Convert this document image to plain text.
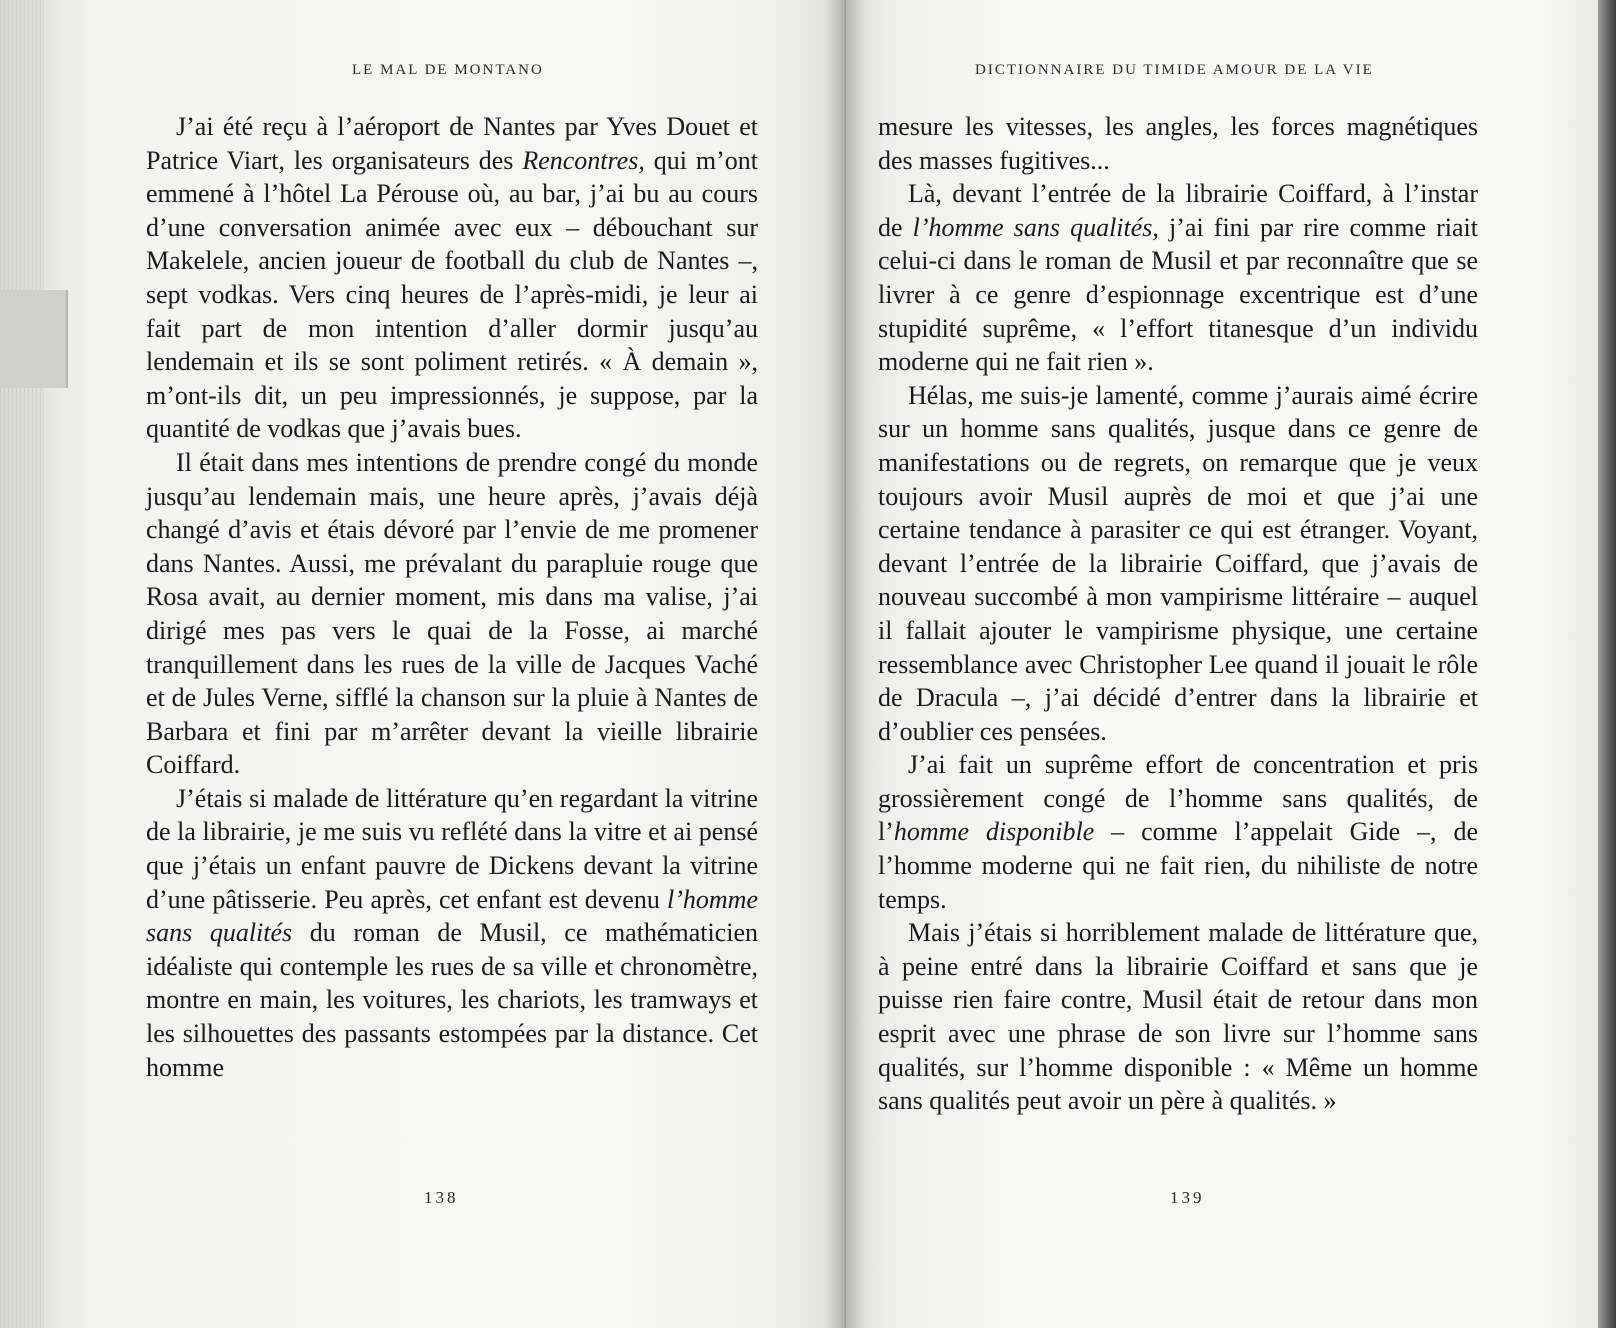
LE MAL DE MONTANO

J’ai été reçu à l’aéroport de Nantes par Yves Douet et Patrice Viart, les organisateurs des Rencontres, qui m’ont emmené à l’hôtel La Pérouse où, au bar, j’ai bu au cours d’une conversation animée avec eux – débouchant sur Makelele, ancien joueur de football du club de Nantes –, sept vodkas. Vers cinq heures de l’après-midi, je leur ai fait part de mon intention d’aller dormir jusqu’au lendemain et ils se sont poliment retirés. « À demain », m’ont-ils dit, un peu impressionnés, je suppose, par la quantité de vodkas que j’avais bues.

Il était dans mes intentions de prendre congé du monde jusqu’au lendemain mais, une heure après, j’avais déjà changé d’avis et étais dévoré par l’envie de me promener dans Nantes. Aussi, me prévalant du parapluie rouge que Rosa avait, au dernier moment, mis dans ma valise, j’ai dirigé mes pas vers le quai de la Fosse, ai marché tranquillement dans les rues de la ville de Jacques Vaché et de Jules Verne, sifflé la chanson sur la pluie à Nantes de Barbara et fini par m’arrêter devant la vieille librairie Coiffard.

J’étais si malade de littérature qu’en regardant la vitrine de la librairie, je me suis vu reflété dans la vitre et ai pensé que j’étais un enfant pauvre de Dickens devant la vitrine d’une pâtisserie. Peu après, cet enfant est devenu l’homme sans qualités du roman de Musil, ce mathématicien idéaliste qui contemple les rues de sa ville et chronomètre, montre en main, les voitures, les chariots, les tramways et les silhouettes des passants estompées par la distance. Cet homme

138
DICTIONNAIRE DU TIMIDE AMOUR DE LA VIE

mesure les vitesses, les angles, les forces magnétiques des masses fugitives...

Là, devant l’entrée de la librairie Coiffard, à l’instar de l’homme sans qualités, j’ai fini par rire comme riait celui-ci dans le roman de Musil et par reconnaître que se livrer à ce genre d’espionnage excentrique est d’une stupidité suprême, « l’effort titanesque d’un individu moderne qui ne fait rien ».

Hélas, me suis-je lamenté, comme j’aurais aimé écrire sur un homme sans qualités, jusque dans ce genre de manifestations ou de regrets, on remarque que je veux toujours avoir Musil auprès de moi et que j’ai une certaine tendance à parasiter ce qui est étranger. Voyant, devant l’entrée de la librairie Coiffard, que j’avais de nouveau succombé à mon vampirisme littéraire – auquel il fallait ajouter le vampirisme physique, une certaine ressemblance avec Christopher Lee quand il jouait le rôle de Dracula –, j’ai décidé d’entrer dans la librairie et d’oublier ces pensées.

J’ai fait un suprême effort de concentration et pris grossièrement congé de l’homme sans qualités, de l’homme disponible – comme l’appelait Gide –, de l’homme moderne qui ne fait rien, du nihiliste de notre temps.

Mais j’étais si horriblement malade de littérature que, à peine entré dans la librairie Coiffard et sans que je puisse rien faire contre, Musil était de retour dans mon esprit avec une phrase de son livre sur l’homme sans qualités, sur l’homme disponible : « Même un homme sans qualités peut avoir un père à qualités. »

139
